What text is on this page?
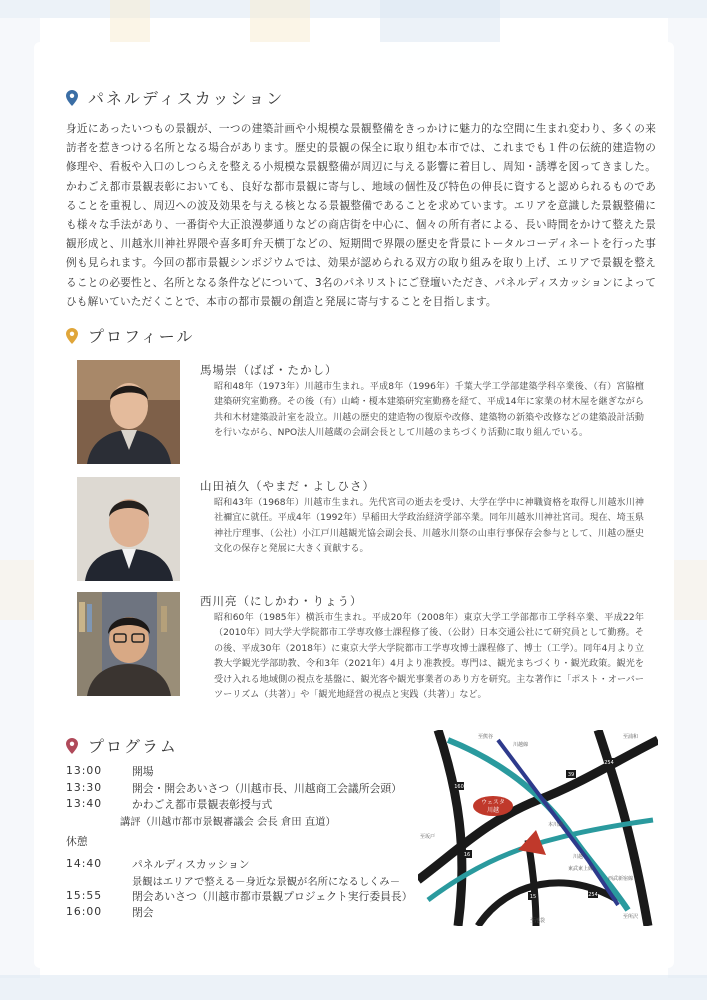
パネルディスカッション
身近にあったいつもの景観が、一つの建築計画や小規模な景観整備をきっかけに魅力的な空間に生まれ変わり、多くの来訪者を惹きつける名所となる場合があります。歴史的景観の保全に取り組む本市では、これまでも１件の伝統的建造物の修理や、看板や入口のしつらえを整える小規模な景観整備が周辺に与える影響に着目し、周知・誘導を図ってきました。かわごえ都市景観表彰においても、良好な都市景観に寄与し、地域の個性及び特色の伸長に資すると認められるものであることを重視し、周辺への波及効果を与える核となる景観整備であることを求めています。エリアを意識した景観整備にも様々な手法があり、一番街や大正浪漫夢通りなどの商店街を中心に、個々の所有者による、長い時間をかけて整えた景観形成と、川越氷川神社界隈や喜多町弁天横丁などの、短期間で界隈の歴史を背景にトータルコーディネートを行った事例も見られます。今回の都市景観シンポジウムでは、効果が認められる双方の取り組みを取り上げ、エリアで景観を整えることの必要性と、名所となる条件などについて、3名のパネリストにご登壇いただき、パネルディスカッションによってひも解いていただくことで、本市の都市景観の創造と発展に寄与することを目指します。
プロフィール
馬場崇（ばば・たかし）
昭和48年（1973年）川越市生まれ。平成8年（1996年）千葉大学工学部建築学科卒業後、（有）宮脇檀建築研究室勤務。その後（有）山崎・榎本建築研究室勤務を経て、平成14年に家業の材木屋を継ぎながら共和木材建築設計室を設立。川越の歴史的建造物の復原や改修、建築物の新築や改修などの建築設計活動を行いながら、NPO法人川越蔵の会副会長として川越のまちづくり活動に取り組んでいる。
山田禎久（やまだ・よしひさ）
昭和43年（1968年）川越市生まれ。先代宮司の逝去を受け、大学在学中に神職資格を取得し川越氷川神社禰宜に就任。平成4年（1992年）早稲田大学政治経済学部卒業。同年川越氷川神社宮司。現在、埼玉県神社庁理事、（公社）小江戸川越観光協会副会長、川越氷川祭の山車行事保存会参与として、川越の歴史文化の保存と発展に大きく貢献する。
西川亮（にしかわ・りょう）
昭和60年（1985年）横浜市生まれ。平成20年（2008年）東京大学工学部都市工学科卒業、平成22年（2010年）同大学大学院都市工学専攻修士課程修了後、（公財）日本交通公社にて研究員として勤務。その後、平成30年（2018年）に東京大学大学院都市工学専攻博士課程修了、博士（工学）。同年4月より立教大学観光学部助教、令和3年（2021年）4月より准教授。専門は、観光まちづくり・観光政策。観光を受け入れる地域側の視点を基盤に、観光客や観光事業者のあり方を研究。主な著作に「ポスト・オーバーツーリズム（共著）」や「観光地経営の視点と実践（共著）」など。
プログラム
13:00	開場
13:30	開会・開会あいさつ（川越市長、川越商工会議所会頭）
13:40	かわごえ都市景観表彰授与式
講評（川越市都市景観審議会 会長 倉田 直道）
休憩
14:40	パネルディスカッション
景観はエリアで整える－身近な景観が名所になるしくみ－
15:55	閉会あいさつ（川越市都市景観プロジェクト実行委員長）
16:00	閉会
ウェスタ
川越
160
39
254
16
15	254
至熊谷
川越線
至浦和
至坂戸
本川越
川越
東武東上線
西武新宿線
至池袋
至所沢
